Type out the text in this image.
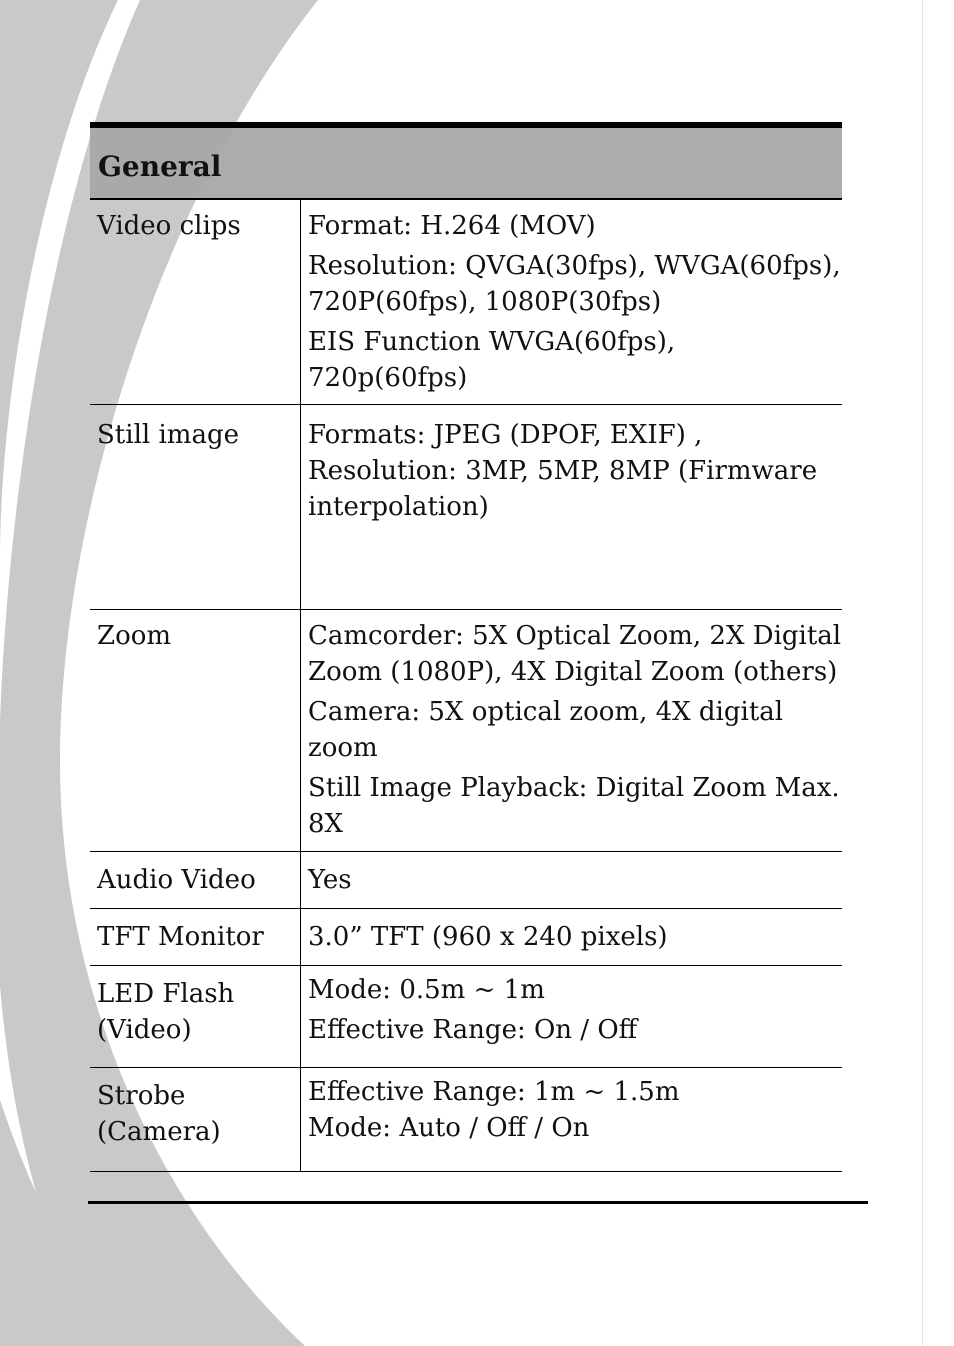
General	

Video clips	Format: H.264 (MOV)
Resolution: QVGA(30fps), WVGA(60fps), 720P(60fps), 1080P(30fps)
EIS Function WVGA(60fps), 720p(60fps)

Still image	Formats: JPEG (DPOF, EXIF) , Resolution: 3MP, 5MP, 8MP (Firmware interpolation)

Zoom	Camcorder: 5X Optical Zoom, 2X Digital Zoom (1080P), 4X Digital Zoom (others)
Camera: 5X optical zoom, 4X digital zoom
Still Image Playback: Digital Zoom Max. 8X

Audio Video	Yes

TFT Monitor	3.0” TFT (960 x 240 pixels)

LED Flash (Video)	Mode: 0.5m ~ 1m
Effective Range: On / Off

Strobe (Camera)	Effective Range: 1m ~ 1.5m
Mode: Auto / Off / On
